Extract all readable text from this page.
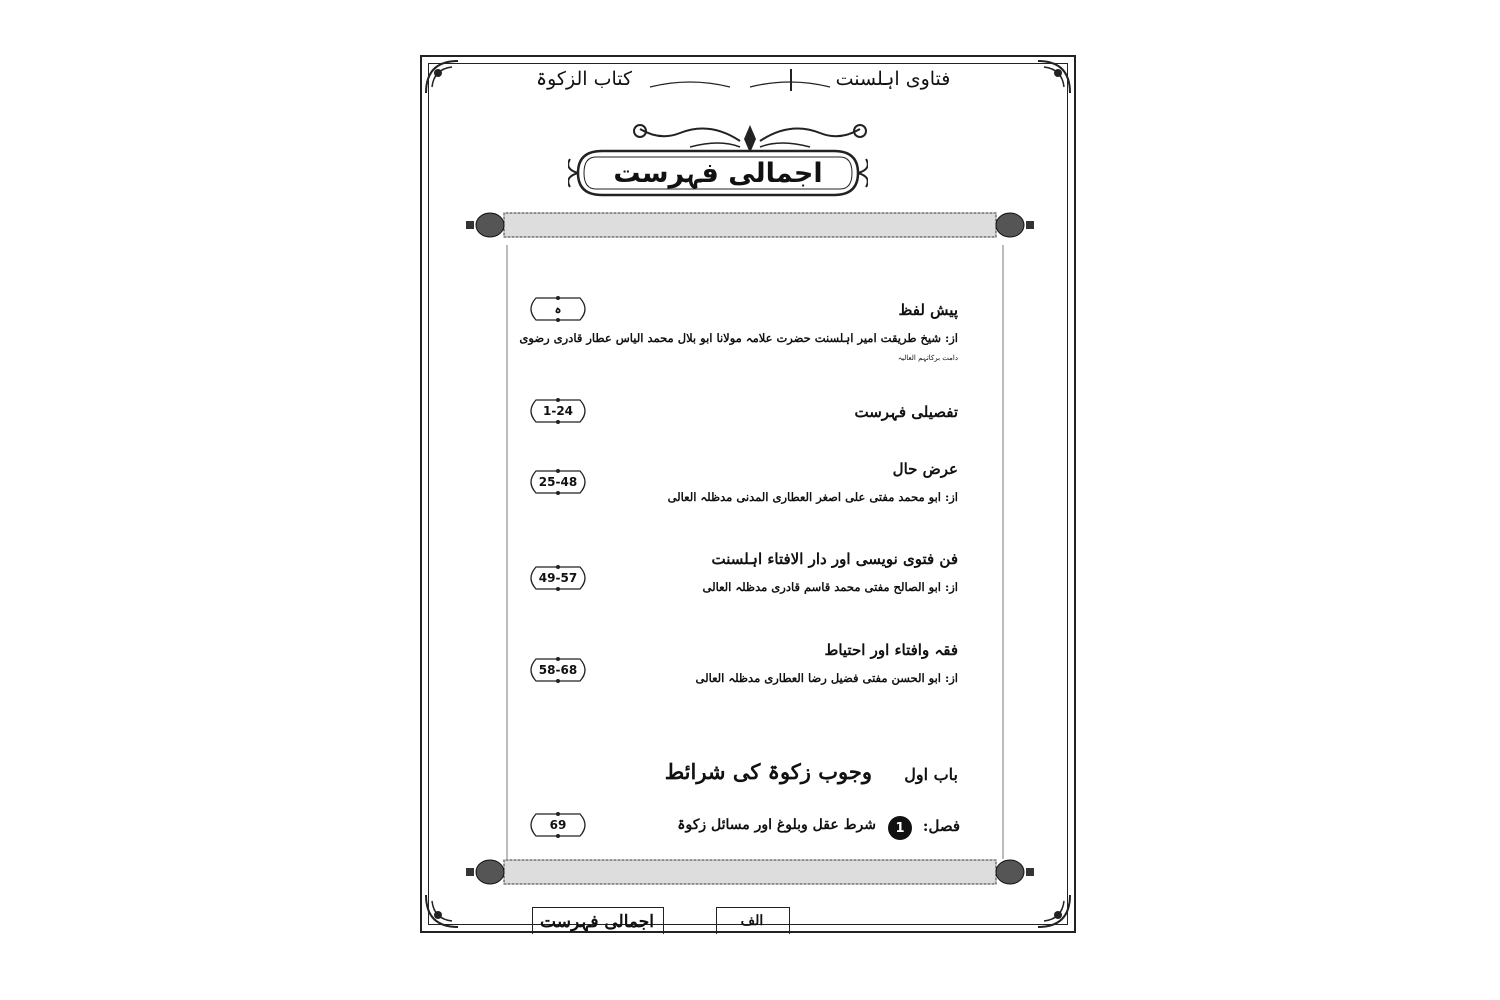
کتاب الزکوۃ	فتاوی اہلسنت
اجمالی فہرست
پیش لفظ
از: شیخ طریقت امیر اہلسنت حضرت علامہ مولانا ابو بلال محمد الیاس عطار قادری رضوی دامت برکاتہم العالیہ
ہ
تفصیلی فہرست
1-24
عرض حال
از: ابو محمد مفتی علی اصغر العطاری المدنی مدظلہ العالی
25-48
فن فتوی نویسی اور دار الافتاء اہلسنت
از: ابو الصالح مفتی محمد قاسم قادری مدظلہ العالی
49-57
فقہ وافتاء اور احتیاط
از: ابو الحسن مفتی فضیل رضا العطاری مدظلہ العالی
58-68
باب اول
وجوب زکوۃ کی شرائط
فصل:
1
شرط عقل وبلوغ اور مسائل زکوۃ
69
اجمالی فہرست	الف
